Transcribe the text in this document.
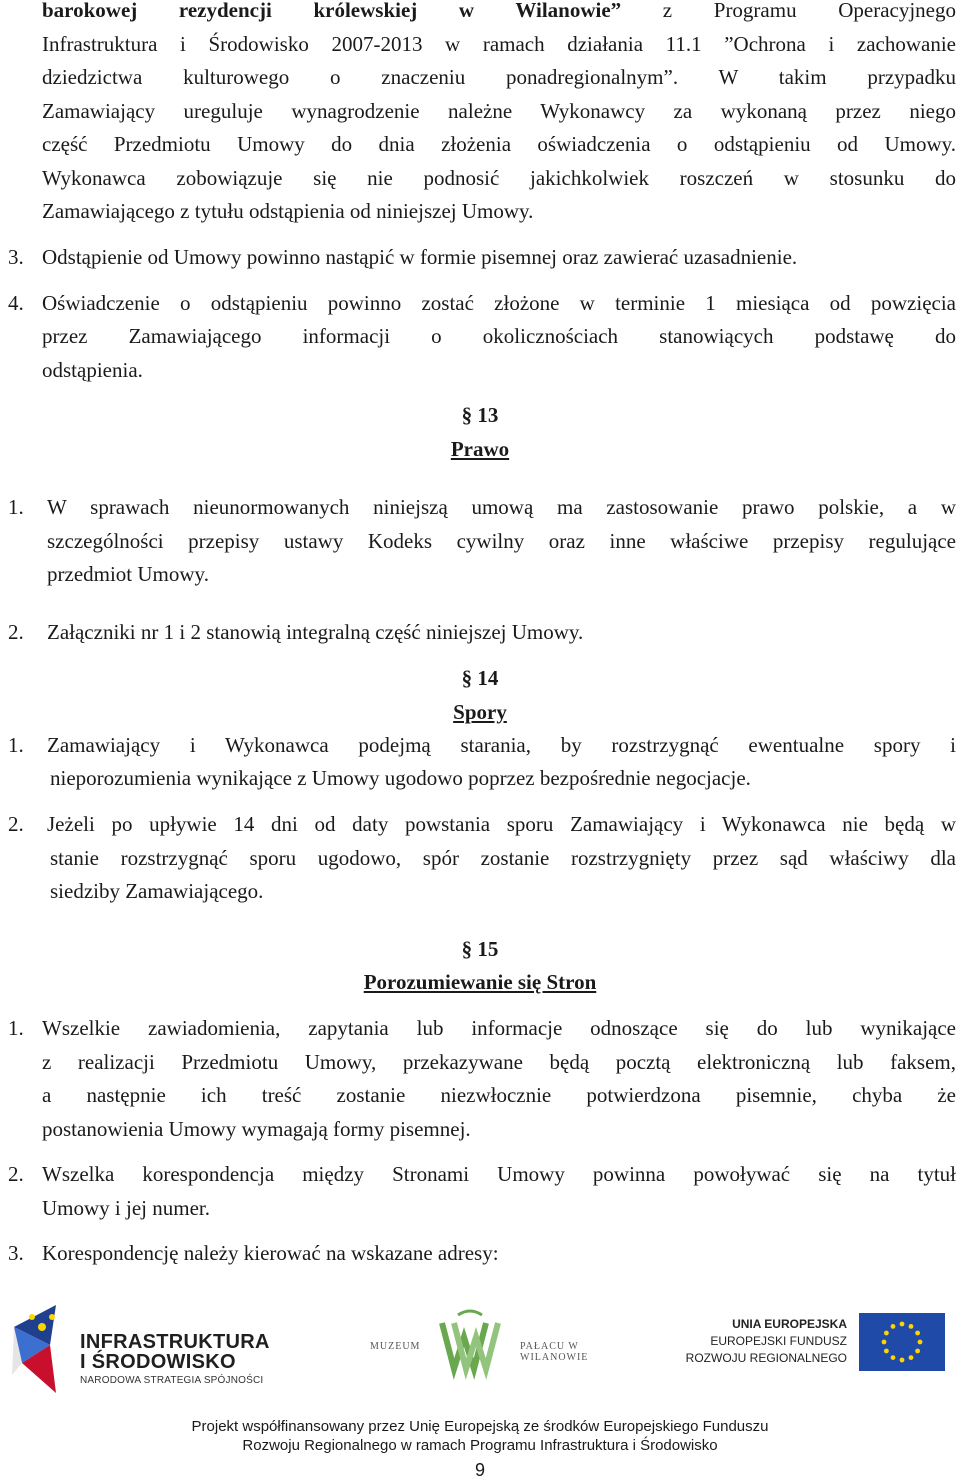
barokowej rezydencji królewskiej w Wilanowie” z Programu Operacyjnego

Infrastruktura i Środowisko 2007-2013 w ramach działania 11.1 ”Ochrona i zachowanie

dziedzictwa kulturowego o znaczeniu ponadregionalnym”. W takim przypadku

Zamawiający ureguluje wynagrodzenie należne Wykonawcy za wykonaną przez niego

część Przedmiotu Umowy do dnia złożenia oświadczenia o odstąpieniu od Umowy.

Wykonawca zobowiązuje się nie podnosić jakichkolwiek roszczeń w stosunku do

Zamawiającego z tytułu odstąpienia od niniejszej Umowy.

3. Odstąpienie od Umowy powinno nastąpić w formie pisemnej oraz zawierać uzasadnienie.

4. Oświadczenie o odstąpieniu powinno zostać złożone w terminie 1 miesiąca od powzięcia

przez Zamawiającego informacji o okolicznościach stanowiących podstawę do

odstąpienia.

§ 13
Prawo
1. W sprawach nieunormowanych niniejszą umową ma zastosowanie prawo polskie, a w

szczególności przepisy ustawy Kodeks cywilny oraz inne właściwe przepisy regulujące

przedmiot Umowy.

2. Załączniki nr 1 i 2 stanowią integralną część niniejszej Umowy.

§ 14
Spory
1. Zamawiający i Wykonawca podejmą starania, by rozstrzygnąć ewentualne spory i

nieporozumienia wynikające z Umowy ugodowo poprzez bezpośrednie negocjacje.

2. Jeżeli po upływie 14 dni od daty powstania sporu Zamawiający i Wykonawca nie będą w

stanie rozstrzygnąć sporu ugodowo, spór zostanie rozstrzygnięty przez sąd właściwy dla

siedziby Zamawiającego.

§ 15
Porozumiewanie się Stron
1. Wszelkie zawiadomienia, zapytania lub informacje odnoszące się do lub wynikające

z realizacji Przedmiotu Umowy, przekazywane będą pocztą elektroniczną lub faksem,

a następnie ich treść zostanie niezwłocznie potwierdzona pisemnie, chyba że

postanowienia Umowy wymagają formy pisemnej.

2. Wszelka korespondencja między Stronami Umowy powinna powoływać się na tytuł

Umowy i jej numer.

3. Korespondencję należy kierować na wskazane adresy:

INFRASTRUKTURA
I ŚRODOWISKO
NARODOWA STRATEGIA SPÓJNOŚCI
MUZEUM	PAŁACU W WILANOWIE
UNIA EUROPEJSKA
EUROPEJSKI FUNDUSZ
ROZWOJU REGIONALNEGO
Projekt współfinansowany przez Unię Europejską ze środków Europejskiego Funduszu
Rozwoju Regionalnego w ramach Programu Infrastruktura i Środowisko
9
